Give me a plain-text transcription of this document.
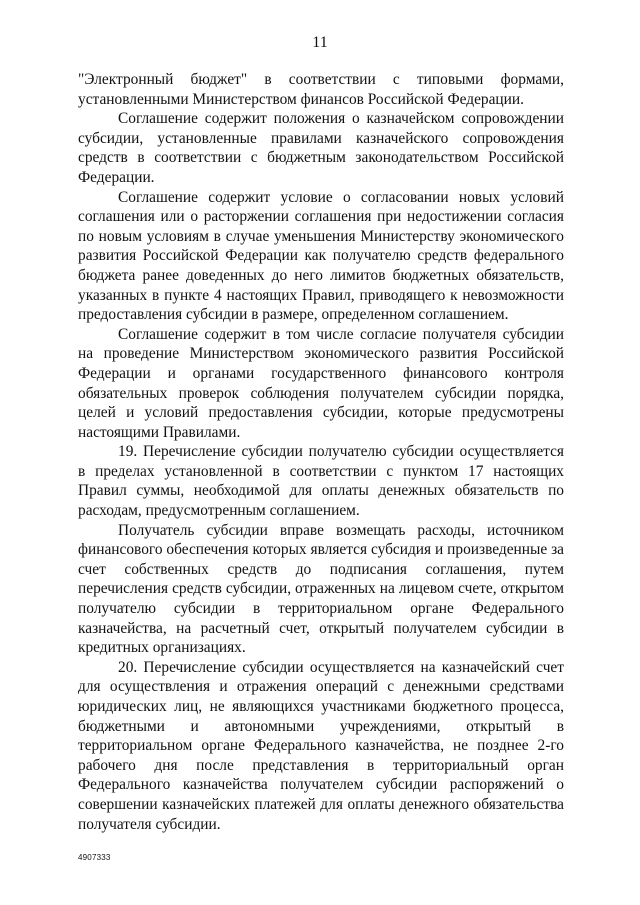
11

"Электронный бюджет" в соответствии с типовыми формами, установленными Министерством финансов Российской Федерации.

Соглашение содержит положения о казначейском сопровождении субсидии, установленные правилами казначейского сопровождения средств в соответствии с бюджетным законодательством Российской Федерации.

Соглашение содержит условие о согласовании новых условий соглашения или о расторжении соглашения при недостижении согласия по новым условиям в случае уменьшения Министерству экономического развития Российской Федерации как получателю средств федерального бюджета ранее доведенных до него лимитов бюджетных обязательств, указанных в пункте 4 настоящих Правил, приводящего к невозможности предоставления субсидии в размере, определенном соглашением.

Соглашение содержит в том числе согласие получателя субсидии на проведение Министерством экономического развития Российской Федерации и органами государственного финансового контроля обязательных проверок соблюдения получателем субсидии порядка, целей и условий предоставления субсидии, которые предусмотрены настоящими Правилами.

19. Перечисление субсидии получателю субсидии осуществляется в пределах установленной в соответствии с пунктом 17 настоящих Правил суммы, необходимой для оплаты денежных обязательств по расходам, предусмотренным соглашением.

Получатель субсидии вправе возмещать расходы, источником финансового обеспечения которых является субсидия и произведенные за счет собственных средств до подписания соглашения, путем перечисления средств субсидии, отраженных на лицевом счете, открытом получателю субсидии в территориальном органе Федерального казначейства, на расчетный счет, открытый получателем субсидии в кредитных организациях.

20. Перечисление субсидии осуществляется на казначейский счет для осуществления и отражения операций с денежными средствами юридических лиц, не являющихся участниками бюджетного процесса, бюджетными и автономными учреждениями, открытый в территориальном органе Федерального казначейства, не позднее 2-го рабочего дня после представления в территориальный орган Федерального казначейства получателем субсидии распоряжений о совершении казначейских платежей для оплаты денежного обязательства получателя субсидии.

4907333
